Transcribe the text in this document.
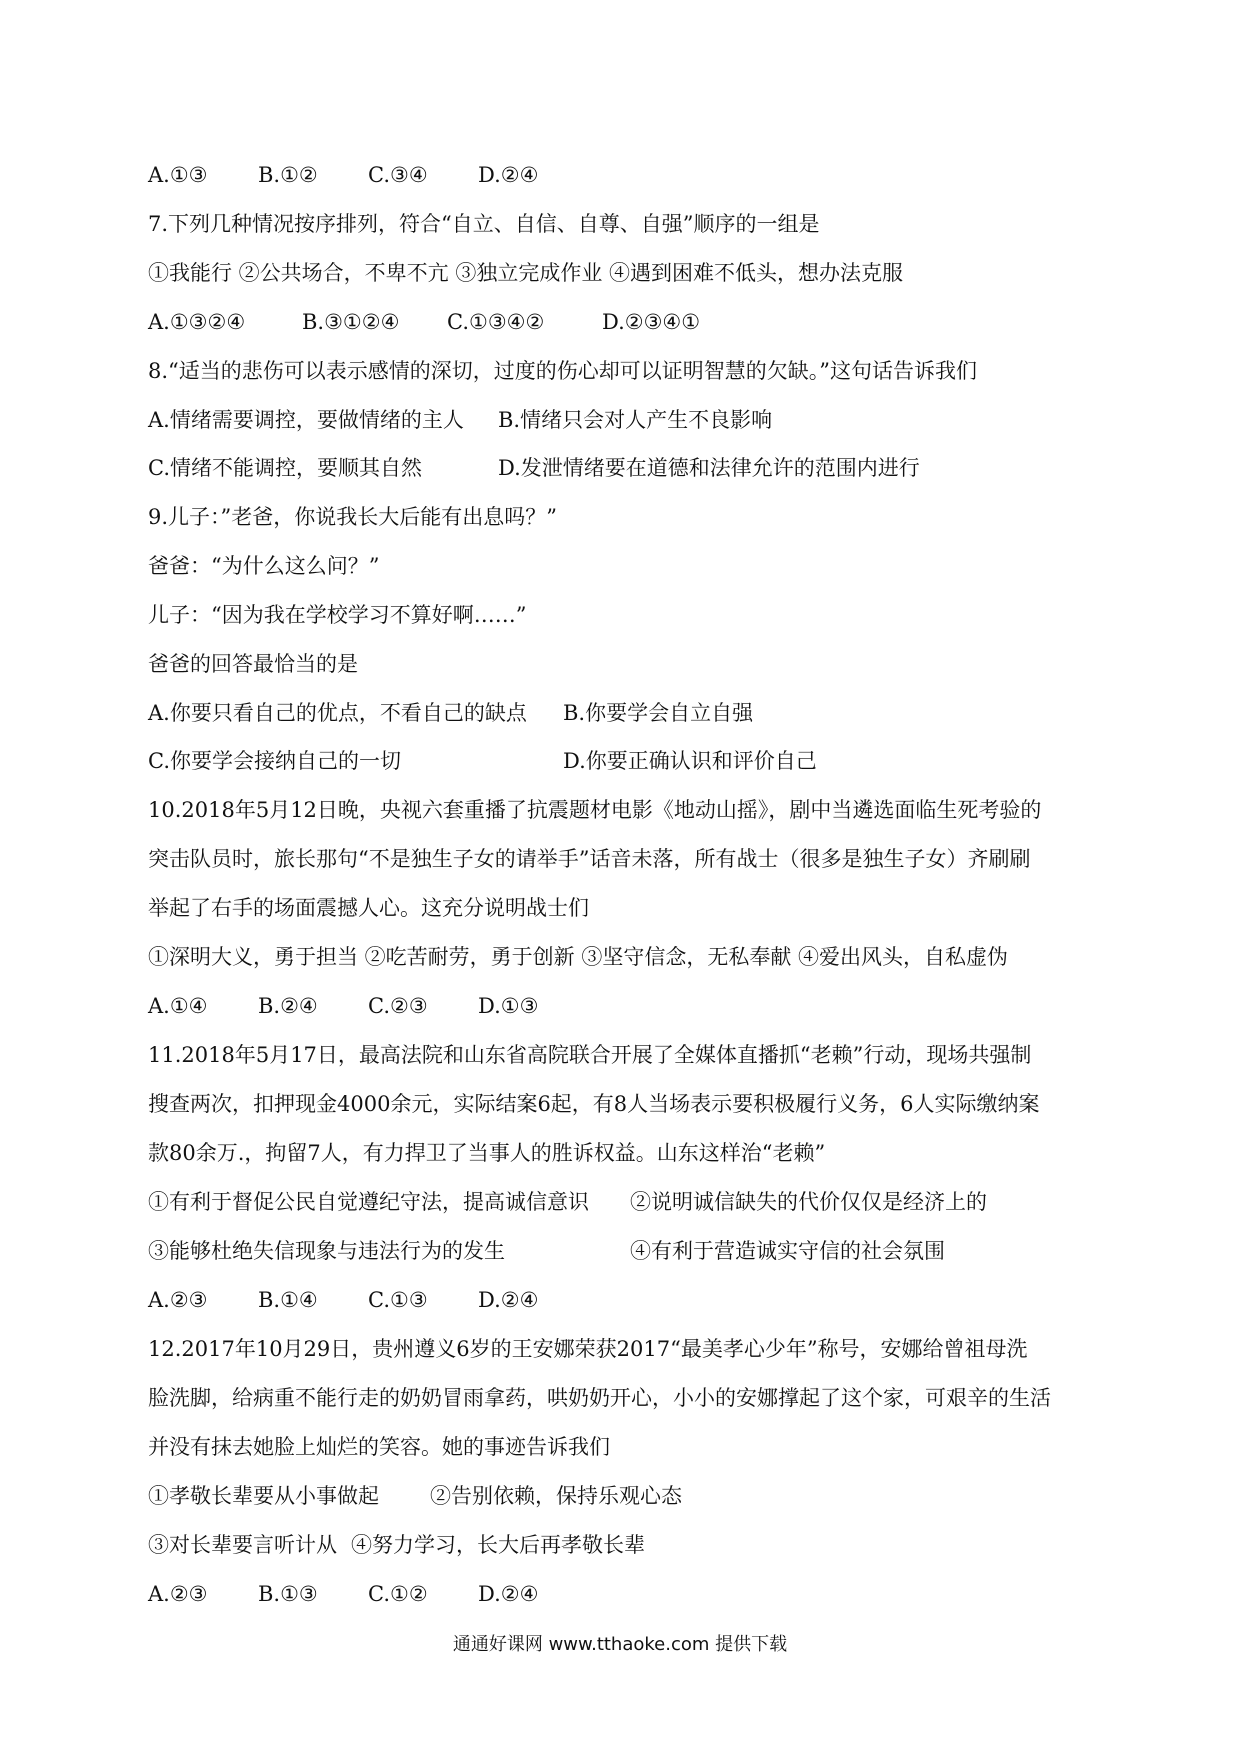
A.①③ B.①② C.③④ D.②④
7.下列几种情况按序排列，符合“自立、自信、自尊、自强”顺序的一组是
①我能行 ②公共场合，不卑不亢 ③独立完成作业 ④遇到困难不低头，想办法克服
A.①③②④	B.③①②④ C.①③④②	D.②③④①
8.“适当的悲伤可以表示感情的深切，过度的伤心却可以证明智慧的欠缺。”这句话告诉我们
A.情绪需要调控，要做情绪的主人 B.情绪只会对人产生不良影响
C.情绪不能调控，要顺其自然	D.发泄情绪要在道德和法律允许的范围内进行
9.儿子：”老爸，你说我长大后能有出息吗？”
爸爸：“为什么这么问？”
儿子：“因为我在学校学习不算好啊……”
爸爸的回答最恰当的是
A.你要只看自己的优点，不看自己的缺点 B.你要学会自立自强
C.你要学会接纳自己的一切	D.你要正确认识和评价自己
10.2018年5月12日晚，央视六套重播了抗震题材电影《地动山摇》，剧中当遴选面临生死考验的
突击队员时，旅长那句“不是独生子女的请举手”话音未落，所有战士（很多是独生子女）齐刷刷
举起了右手的场面震撼人心。这充分说明战士们
①深明大义，勇于担当 ②吃苦耐劳，勇于创新 ③坚守信念，无私奉献 ④爱出风头，自私虚伪
A.①④ B.②④ C.②③ D.①③
11.2018年5月17日，最高法院和山东省高院联合开展了全媒体直播抓“老赖”行动，现场共强制
搜查两次，扣押现金4000余元，实际结案6起，有8人当场表示要积极履行义务，6人实际缴纳案
款80余万.，拘留7人，有力捍卫了当事人的胜诉权益。山东这样治“老赖”
①有利于督促公民自觉遵纪守法，提高诚信意识 ②说明诚信缺失的代价仅仅是经济上的
③能够杜绝失信现象与违法行为的发生	④有利于营造诚实守信的社会氛围
A.②③ B.①④ C.①③ D.②④
12.2017年10月29日，贵州遵义6岁的王安娜荣获2017“最美孝心少年”称号，安娜给曾祖母洗
脸洗脚，给病重不能行走的奶奶冒雨拿药，哄奶奶开心，小小的安娜撑起了这个家，可艰辛的生活
并没有抹去她脸上灿烂的笑容。她的事迹告诉我们
①孝敬长辈要从小事做起 ②告别依赖，保持乐观心态
③对长辈要言听计从 ④努力学习，长大后再孝敬长辈
A.②③ B.①③ C.①② D.②④
通通好课网 www.tthaoke.com 提供下载
